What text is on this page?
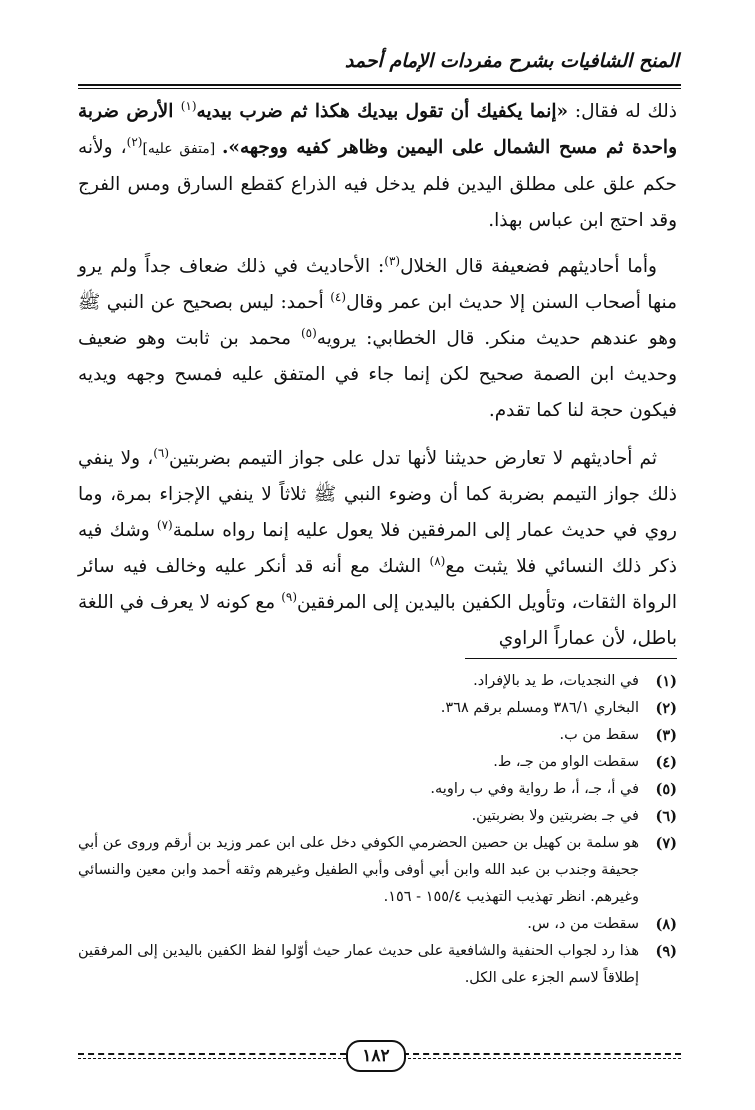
المنح الشافيات بشرح مفردات الإمام أحمد

ذلك له فقال: «إنما يكفيك أن تقول بيديك هكذا ثم ضرب بيديه$^{(١)}$ الأرض ضربة واحدة ثم مسح الشمال على اليمين وظاهر كفيه ووجهه». [متفق عليه]$^{(٢)}$، ولأنه حكم علق على مطلق اليدين فلم يدخل فيه الذراع كقطع السارق ومس الفرج وقد احتج ابن عباس بهذا.

وأما أحاديثهم فضعيفة قال الخلال$^{(٣)}$: الأحاديث في ذلك ضعاف جداً ولم يرو منها أصحاب السنن إلا حديث ابن عمر وقال$^{(٤)}$ أحمد: ليس بصحيح عن النبي ﷺ وهو عندهم حديث منكر. قال الخطابي: يرويه$^{(٥)}$ محمد بن ثابت وهو ضعيف وحديث ابن الصمة صحيح لكن إنما جاء في المتفق عليه فمسح وجهه ويديه فيكون حجة لنا كما تقدم.

ثم أحاديثهم لا تعارض حديثنا لأنها تدل على جواز التيمم بضربتين$^{(٦)}$، ولا ينفي ذلك جواز التيمم بضربة كما أن وضوء النبي ﷺ ثلاثاً لا ينفي الإجزاء بمرة، وما روي في حديث عمار إلى المرفقين فلا يعول عليه إنما رواه سلمة$^{(٧)}$ وشك فيه ذكر ذلك النسائي فلا يثبت مع$^{(٨)}$ الشك مع أنه قد أنكر عليه وخالف فيه سائر الرواة الثقات، وتأويل الكفين باليدين إلى المرفقين$^{(٩)}$ مع كونه لا يعرف في اللغة باطل، لأن عماراً الراوي

(١)
في النجديات، ط يد بالإفراد.
(٢)
البخاري ٣٨٦/١ ومسلم برقم ٣٦٨.
(٣)
سقط من ب.
(٤)
سقطت الواو من جـ، ط.
(٥)
في أ، جـ، أ، ط رواية وفي ب راويه.
(٦)
في جـ بضربتين ولا بضربتين.
(٧)
هو سلمة بن كهيل بن حصين الحضرمي الكوفي دخل على ابن عمر وزيد بن أرقم وروى عن أبي جحيفة وجندب بن عبد الله وابن أبي أوفى وأبي الطفيل وغيرهم وثقه أحمد وابن معين والنسائي وغيرهم. انظر تهذيب التهذيب ١٥٥/٤ - ١٥٦.
(٨)
سقطت من د، س.
(٩)
هذا رد لجواب الحنفية والشافعية على حديث عمار حيث أوّلوا لفظ الكفين باليدين إلى المرفقين إطلاقاً لاسم الجزء على الكل.
١٨٢
